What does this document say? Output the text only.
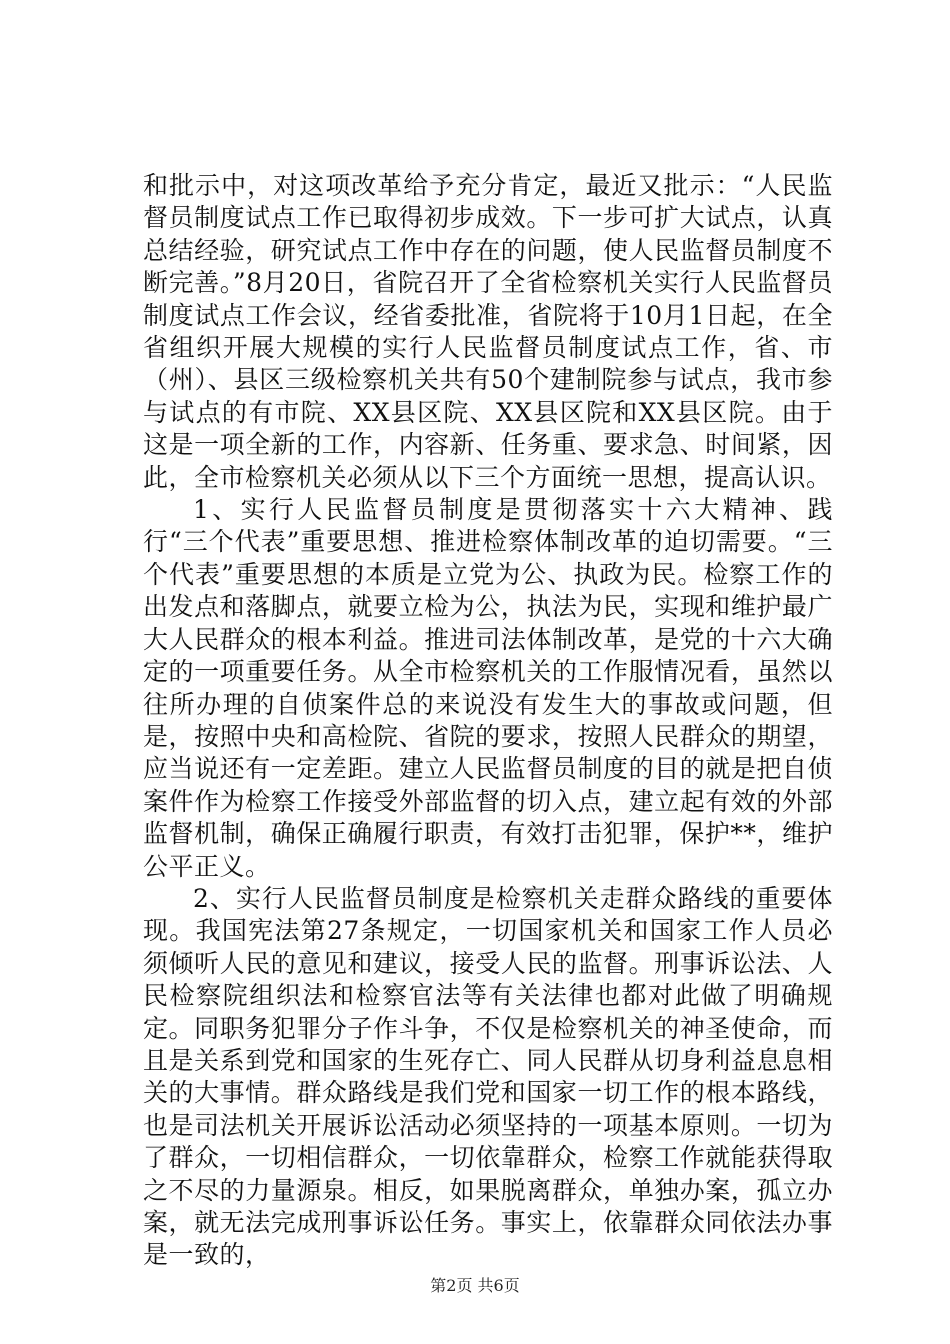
和批示中，对这项改革给予充分肯定，最近又批示：“人民监督员制度试点工作已取得初步成效。下一步可扩大试点，认真总结经验，研究试点工作中存在的问题，使人民监督员制度不断完善。”8月20日，省院召开了全省检察机关实行人民监督员制度试点工作会议，经省委批准，省院将于10月1日起，在全省组织开展大规模的实行人民监督员制度试点工作，省、市（州）、县区三级检察机关共有50个建制院参与试点，我市参与试点的有市院、XX县区院、XX县区院和XX县区院。由于这是一项全新的工作，内容新、任务重、要求急、时间紧，因此，全市检察机关必须从以下三个方面统一思想，提高认识。

1、实行人民监督员制度是贯彻落实十六大精神、践行“三个代表”重要思想、推进检察体制改革的迫切需要。“三个代表”重要思想的本质是立党为公、执政为民。检察工作的出发点和落脚点，就要立检为公，执法为民，实现和维护最广大人民群众的根本利益。推进司法体制改革，是党的十六大确定的一项重要任务。从全市检察机关的工作服情况看，虽然以往所办理的自侦案件总的来说没有发生大的事故或问题，但是，按照中央和高检院、省院的要求，按照人民群众的期望，应当说还有一定差距。建立人民监督员制度的目的就是把自侦案件作为检察工作接受外部监督的切入点，建立起有效的外部监督机制，确保正确履行职责，有效打击犯罪，保护**，维护公平正义。

2、实行人民监督员制度是检察机关走群众路线的重要体现。我国宪法第27条规定，一切国家机关和国家工作人员必须倾听人民的意见和建议，接受人民的监督。刑事诉讼法、人民检察院组织法和检察官法等有关法律也都对此做了明确规定。同职务犯罪分子作斗争，不仅是检察机关的神圣使命，而且是关系到党和国家的生死存亡、同人民群从切身利益息息相关的大事情。群众路线是我们党和国家一切工作的根本路线，也是司法机关开展诉讼活动必须坚持的一项基本原则。一切为了群众，一切相信群众，一切依靠群众，检察工作就能获得取之不尽的力量源泉。相反，如果脱离群众，单独办案，孤立办案，就无法完成刑事诉讼任务。事实上，依靠群众同依法办事是一致的，

第2页 共6页
